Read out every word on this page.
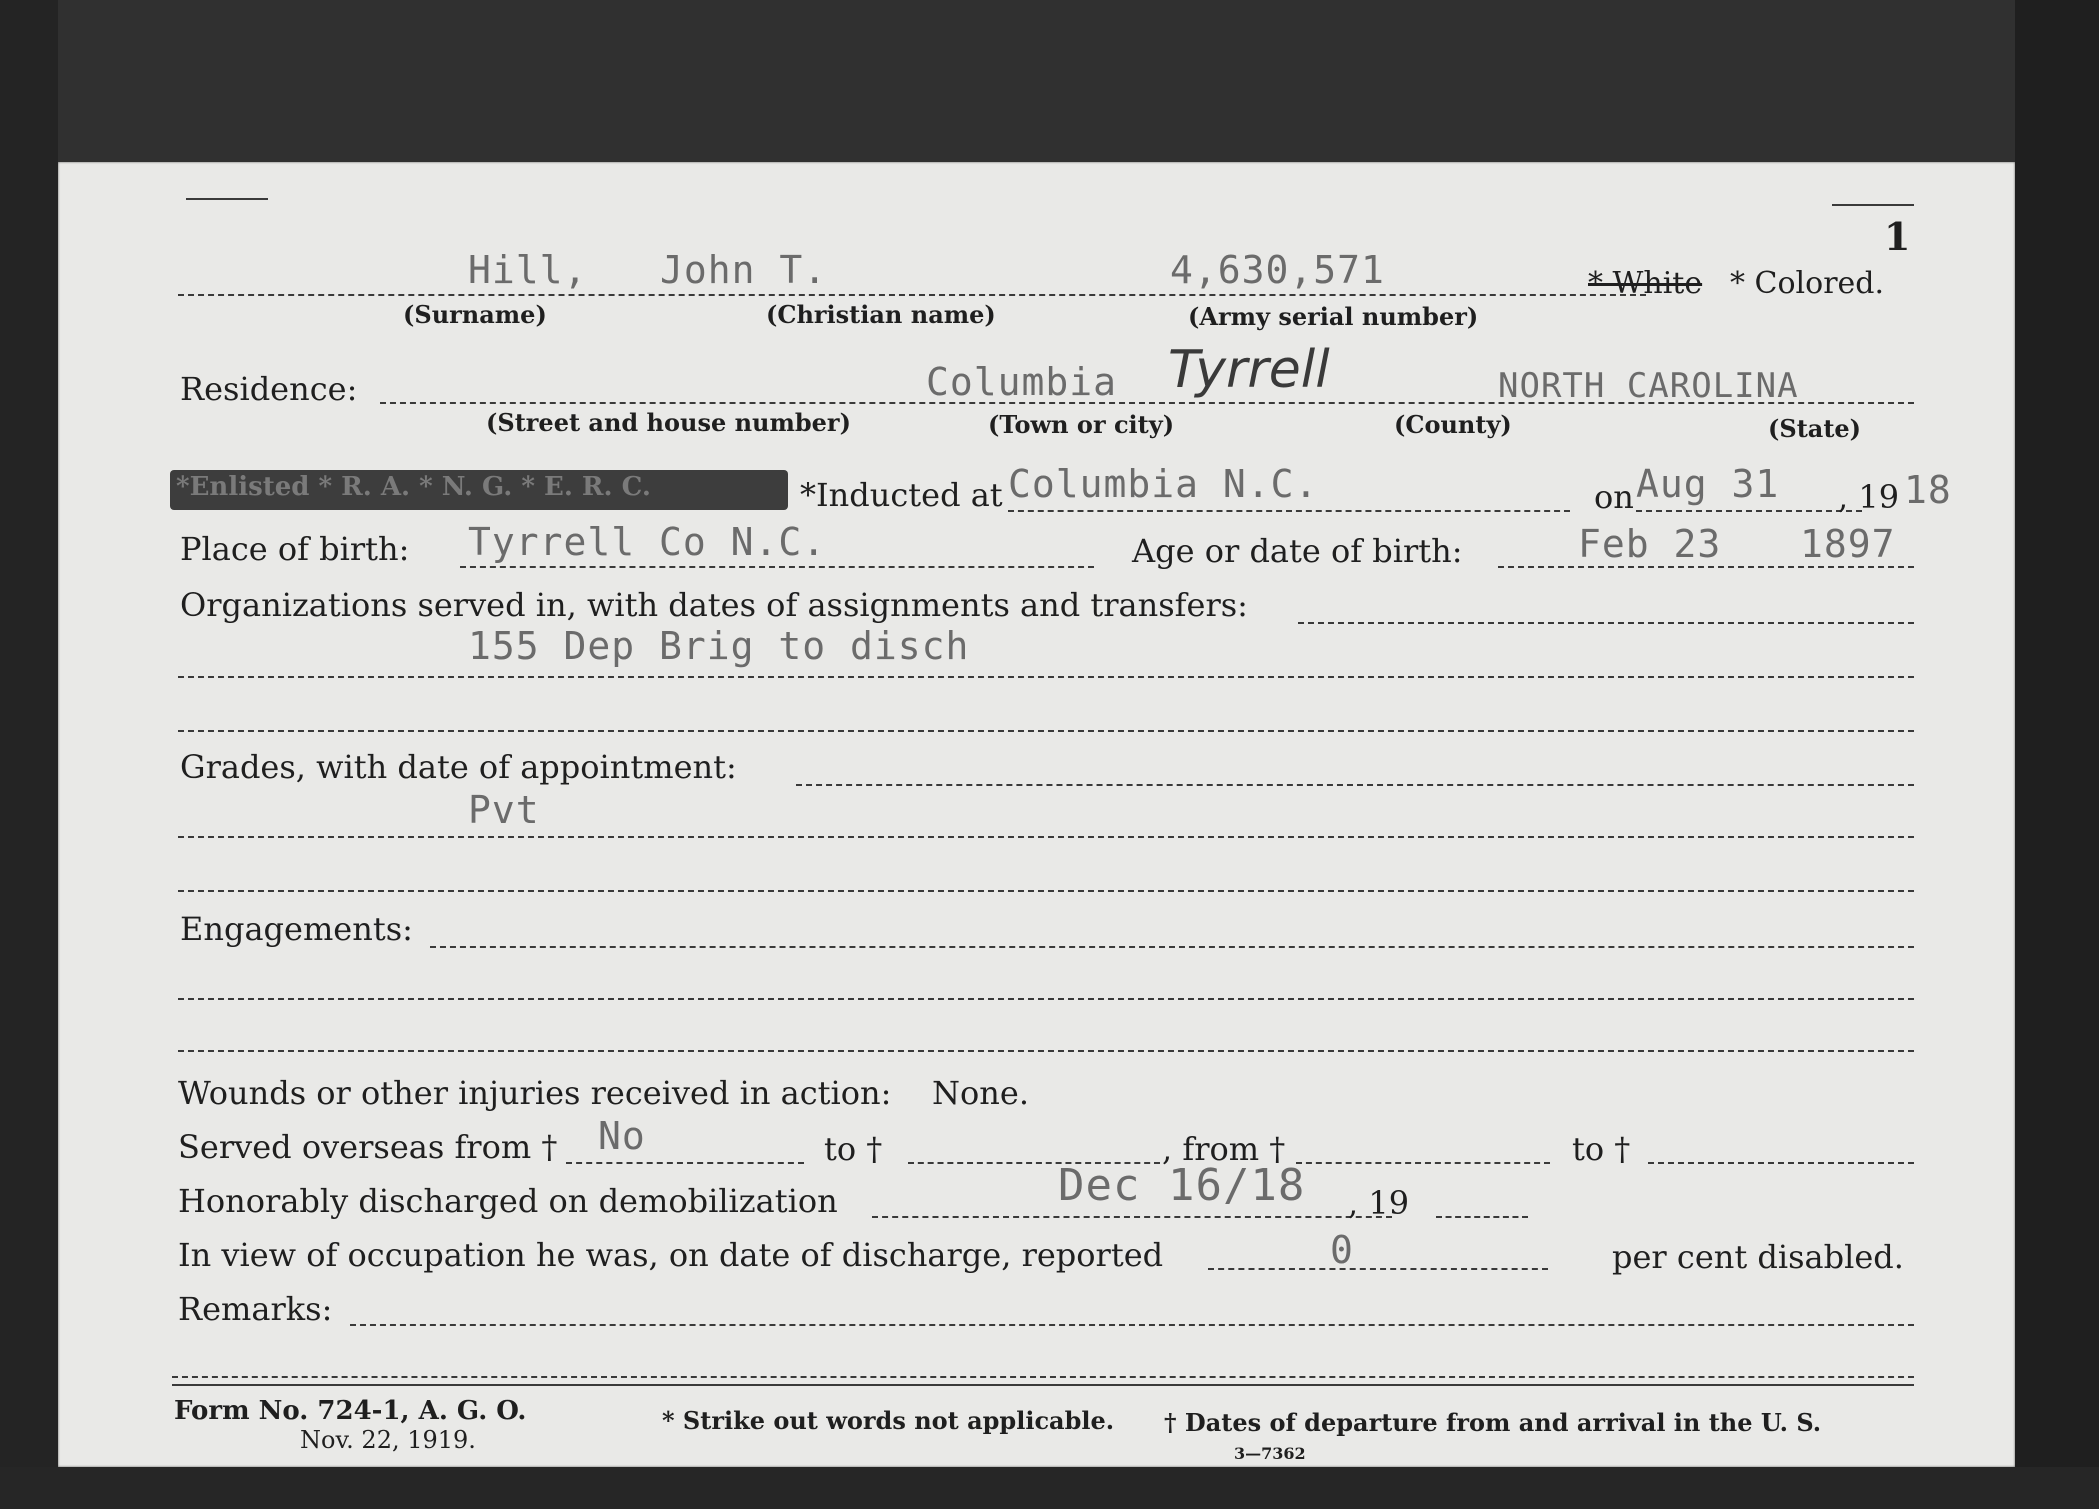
1
Hill, John T.	4,630,571	* White * Colored.
(Surname)	(Christian name)	(Army serial number)
Residence:	Columbia Tyrrell	NORTH CAROLINA
(Street and house number)	(Town or city)	(County)	(State)
*Enlisted * R. A. * N. G. * E. R. C.	*Inducted at Columbia N.C.	on Aug 31 , 19 18
Place of birth: Tyrrell Co N.C.	Age or date of birth:	Feb 23 1897
Organizations served in, with dates of assignments and transfers:
155 Dep Brig to disch
Grades, with date of appointment:
Pvt
Engagements:
Wounds or other injuries received in action: None.
Served overseas from † No	to †	, from †	to †
Honorably discharged on demobilization	Dec 16/18 , 19
In view of occupation he was, on date of discharge, reported	0	per cent disabled.
Remarks:
Form No. 724-1, A. G. O.
Nov. 22, 1919.
* Strike out words not applicable. † Dates of departure from and arrival in the U. S.
3—7362
